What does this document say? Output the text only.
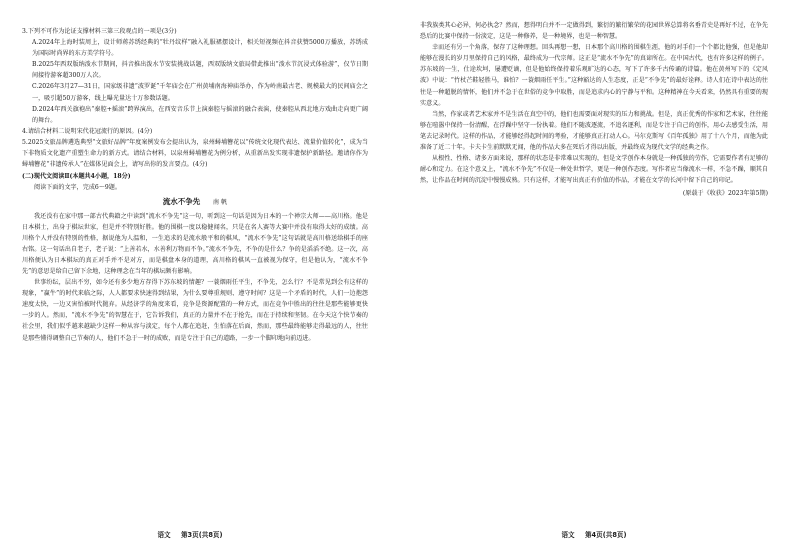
3.下列不可作为论证支撑材料三第三段观点的一项是(3分)

A.2024年上海时装周上，设计师蒋苏绣经典的“牡丹纹样”融入礼服裙摆设计，相关短视频在抖音获赞5000万播放，苏绣成为国际时尚界的东方美学符号。

B.2025年西双版纳泼水节期间，抖音推出泼水节安装挑战话题，西双版纳文旅局借此推出“泼水节沉浸式体验游”，仅节日期间接待游客超300万人次。

C.2026年3月27—31日，国家级非遗“波罗诞”千年庙会在广州黄埔南海神庙举办，作为岭南最古老、规模最大的民间庙会之一，吸引超50万游客，线上曝光量达十万参数话题。

D.2024年西关旗袍出“秦腔+摇滚”跨界演出，在西安音乐节上演秦腔与摇滚的融合表演，使秦腔从西北地方戏曲走向更广阔的舞台。

4.请结合材料二说明宋代花冠流行的原因。(4分)

5.2025文旅品牌遴选典型“文旅好品牌”年度案例发布会提出认为，泉州蟳埔簪花以“传统文化现代表达、流量价值转化”，成为当下非物质文化遗产重塑生命力的新方式。请结合材料，以泉州蟳埔簪花为例分析，从重新出发实现非遗保护新路径。邀请你作为蟳埔簪花“非遗传承人”在媒体见面会上，请写出你的发言要点。(4分)

(二)现代文阅读Ⅱ(本题共4小题，18分)

阅读下面的文字，完成6～9题。

流水不争先 南 帆

我还没有在家中那一部古代典籍之中读到“流水不争先”这一句，听到这一句话是因为日本的一个禅宗大师——高川格。他是日本棋士，出身于棋坛世家，但是并不特别好胜。他的围棋一度以稳健闻名，只是在名人赛等大赛中并没有取得太好的成绩。高川格个人并没有特别的性格，据说他为人温和，一生追求的是流水般平和的棋风，“流水不争先”这句话就是高川格送给棋手的座右铭。这一句话出自老子，老子说：“上善若水，水善利万物而不争。”流水不争先，不争的是什么？争的是滔滔不绝。这一次，高川格便认为日本棋坛的真正对手并不是对方，而是棋盘本身的道理，高川格的棋风一直被视为保守，但是他认为，“流水不争先”的意思是给自己留下余地，这种理念在当年的棋坛颇有影响。

世事纷纭，层出不穷，如今还有多少地方存得下苏东坡的情趣？一蓑烟雨任平生，不争先，怎么行？不是常见到会有这样的现象，“赢牛”的时代来临之际，人人都要求快速得到结果，为什么要尊重规则、遵守时间？这是一个矛盾的时代，人们一边抱怨速度太快，一边又害怕被时代抛弃。从经济学的角度来看，竞争是资源配置的一种方式，而在竞争中胜出的往往是那些能够更快一步的人。然而，“流水不争先”的智慧在于，它告诉我们，真正的力量并不在于抢先，而在于持续和坚韧。在今天这个快节奏的社会里，我们似乎越来越缺少这样一种从容与淡定，每个人都在追赶，生怕落在后面，然而，那些最终能够走得最远的人，往往是那些懂得调整自己节奏的人，他们不急于一时的成败，而是专注于自己的道路，一步一个脚印地向前迈进。

语文 第3页(共8页)

非我族类其心必异，何必执念？然而，想得明白并不一定做得到，繁衍的繁衍繁荣的花园世界总算将名垂青史是再好不过，在争先恐后的比赛中保持一份淡定，这是一种修养，是一种境界，也是一种智慧。

幸而还有另一个角落，保存了这种理想。回头再想一想，日本那个高川格的围棋生涯，他的对手们一个个都比他强，但是他却能够在漫长的岁月里保持自己的风格，最终成为一代宗师。这正是“流水不争先”的真谛所在。在中国古代，也有许多这样的例子。苏东坡的一生，仕途坎坷，屡遭贬谪，但是他始终保持着乐观旷达的心态，写下了许多千古传诵的诗篇。他在黄州写下的《定风波》中说：“竹杖芒鞋轻胜马，谁怕？一蓑烟雨任平生。”这种豁达的人生态度，正是“不争先”的最好诠释。诗人们在诗中表达的往往是一种超脱的情怀，他们并不急于在世俗的竞争中取胜，而是追求内心的宁静与平和。这种精神在今天看来，仍然具有重要的现实意义。

当然，作家或者艺术家并不是生活在真空中的，他们也需要面对现实的压力和挑战。但是，真正优秀的作家和艺术家，往往能够在喧嚣中保持一份清醒，在浮躁中坚守一份执着。他们不随波逐流，不追名逐利，而是专注于自己的创作，用心去感受生活，用笔去记录时代。这样的作品，才能够经得起时间的考验，才能够真正打动人心。马尔克斯写《百年孤独》用了十八个月，而他为此准备了近二十年。卡夫卡生前默默无闻，他的作品大多在死后才得以出版，并最终成为现代文学的经典之作。

从根性、性格、诸多方面来说，那样的状态是非常难以实现的，但是文学创作本身就是一种孤独的劳作，它需要作者有足够的耐心和定力。在这个意义上，“流水不争先”不仅是一种处世哲学，更是一种创作态度。写作者应当像流水一样，不急不躁，顺其自然，让作品在时间的沉淀中慢慢成熟。只有这样，才能写出真正有价值的作品，才能在文学的长河中留下自己的印记。

(原载于《收获》2023年第5期)

语文 第4页(共8页)
